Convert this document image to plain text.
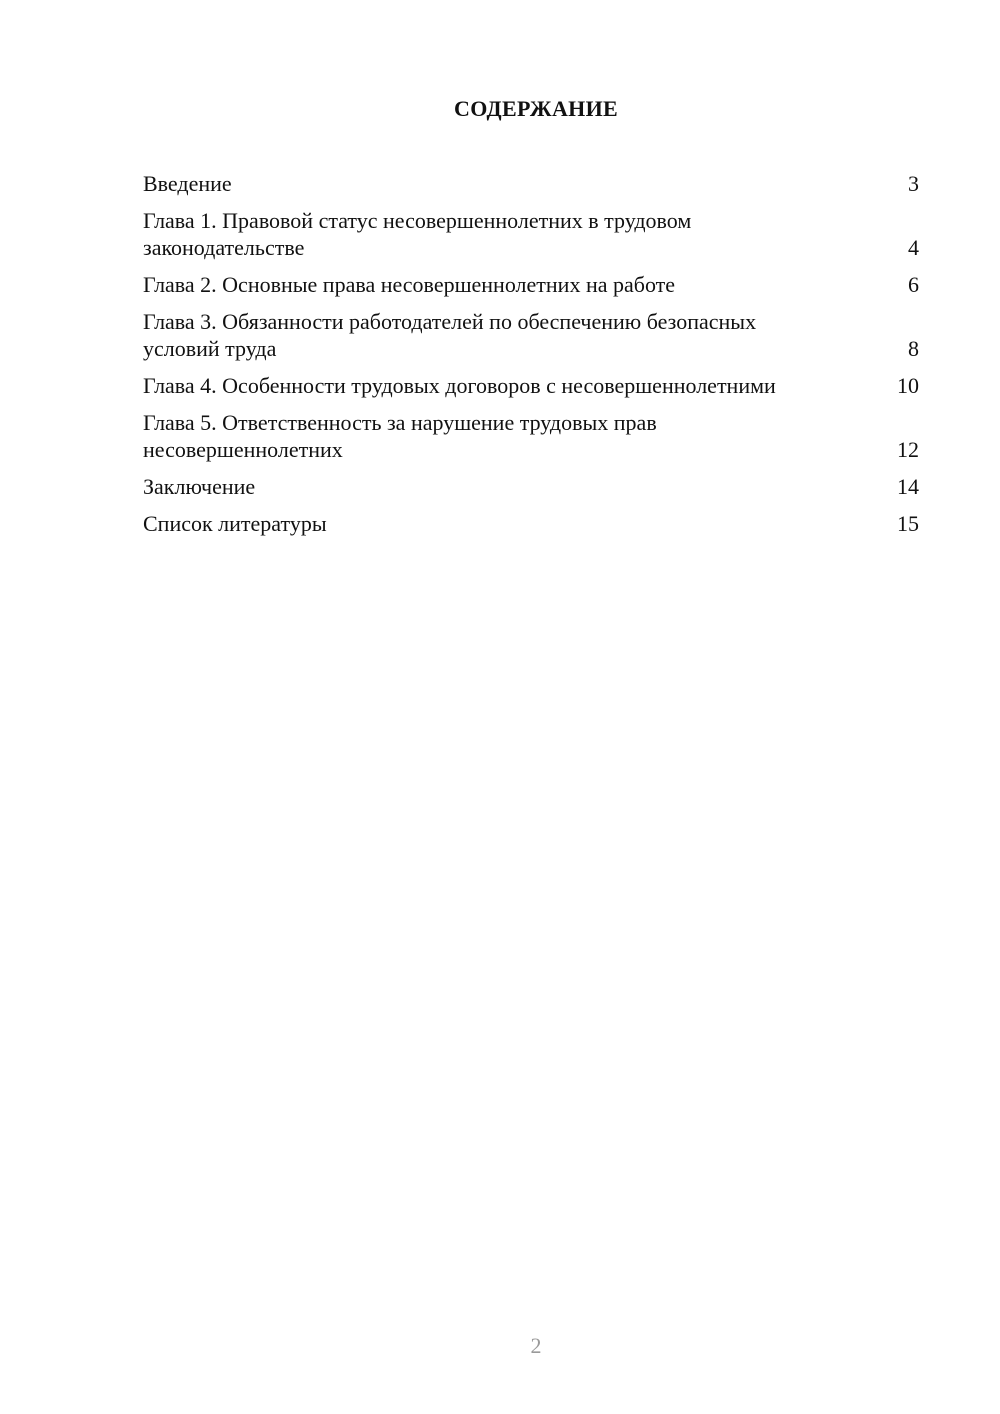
СОДЕРЖАНИЕ
Введение	3
Глава 1. Правовой статус несовершеннолетних в трудовом законодательстве	4
Глава 2. Основные права несовершеннолетних на работе	6
Глава 3. Обязанности работодателей по обеспечению безопасных условий труда	8
Глава 4. Особенности трудовых договоров с несовершеннолетними	10
Глава 5. Ответственность за нарушение трудовых прав несовершеннолетних	12
Заключение	14
Список литературы	15
2
